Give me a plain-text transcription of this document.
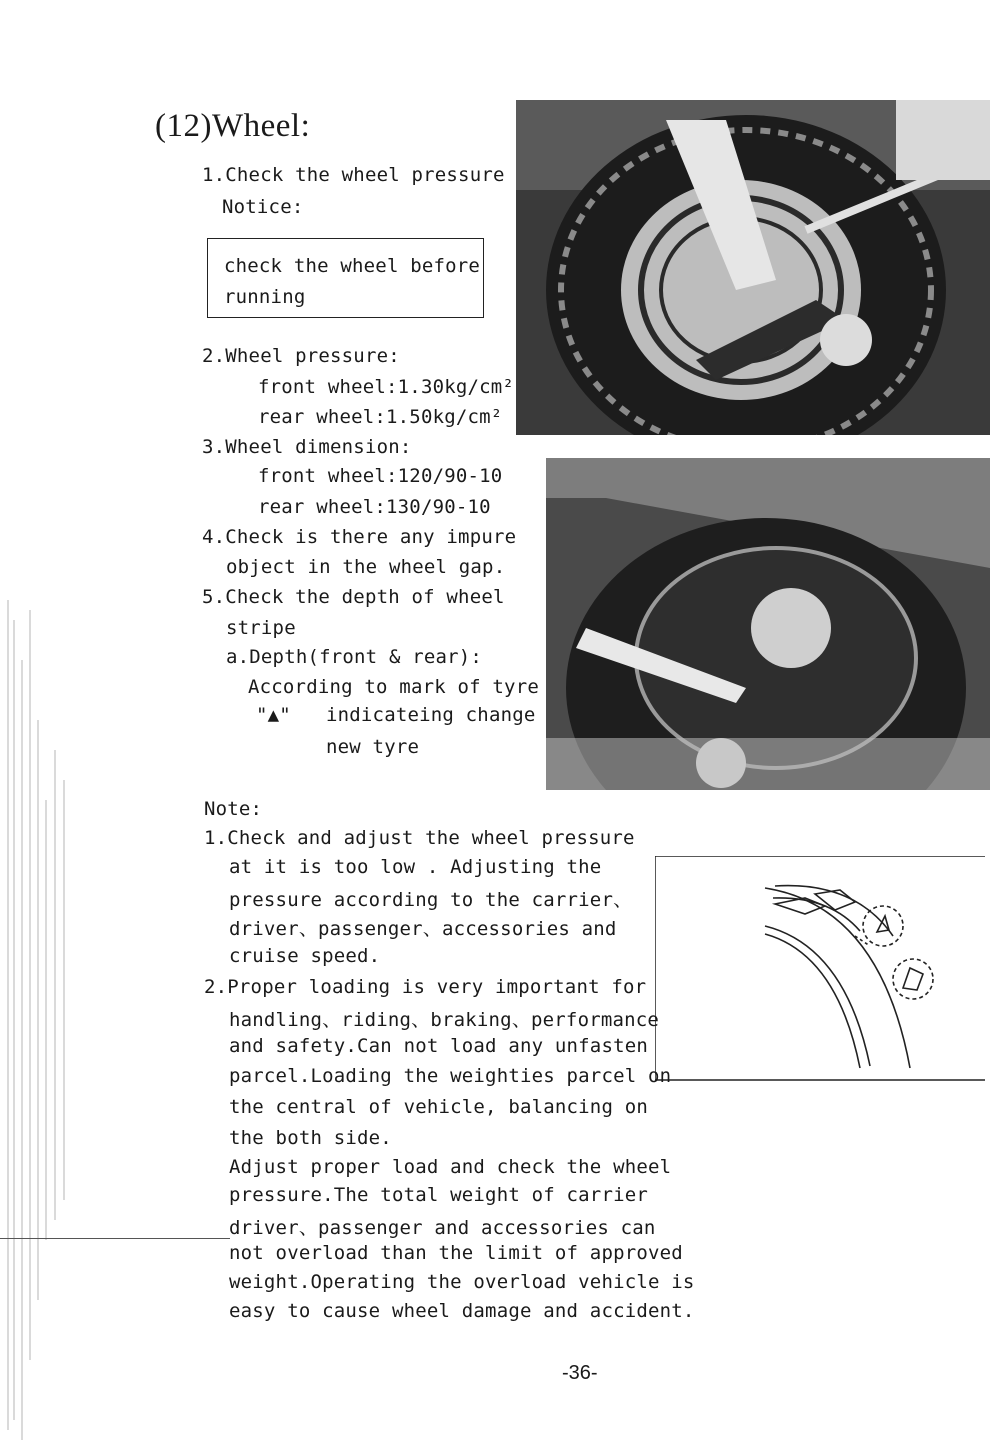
(12)Wheel:
1.Check the wheel pressure
Notice:
check the wheel before
running
2.Wheel pressure:
front wheel:1.30kg/cm²
rear wheel:1.50kg/cm²
3.Wheel dimension:
front wheel:120/90-10
rear wheel:130/90-10
4.Check is there any impure
object in the wheel gap.
5.Check the depth of wheel
stripe
a.Depth(front & rear):
According to mark of tyre
"▲" indicateing change
new tyre
Note:
1.Check and adjust the wheel pressure
at it is too low . Adjusting the
pressure according to the carrier、
driver、passenger、accessories and
cruise speed.
2.Proper loading is very important for
handling、riding、braking、performance
and safety.Can not load any unfasten
parcel.Loading the weighties parcel on
the central of vehicle, balancing on
the both side.
Adjust proper load and check the wheel
pressure.The total weight of carrier
driver、passenger and accessories can
not overload than the limit of approved
weight.Operating the overload vehicle is
easy to cause wheel damage and accident.
-36-
